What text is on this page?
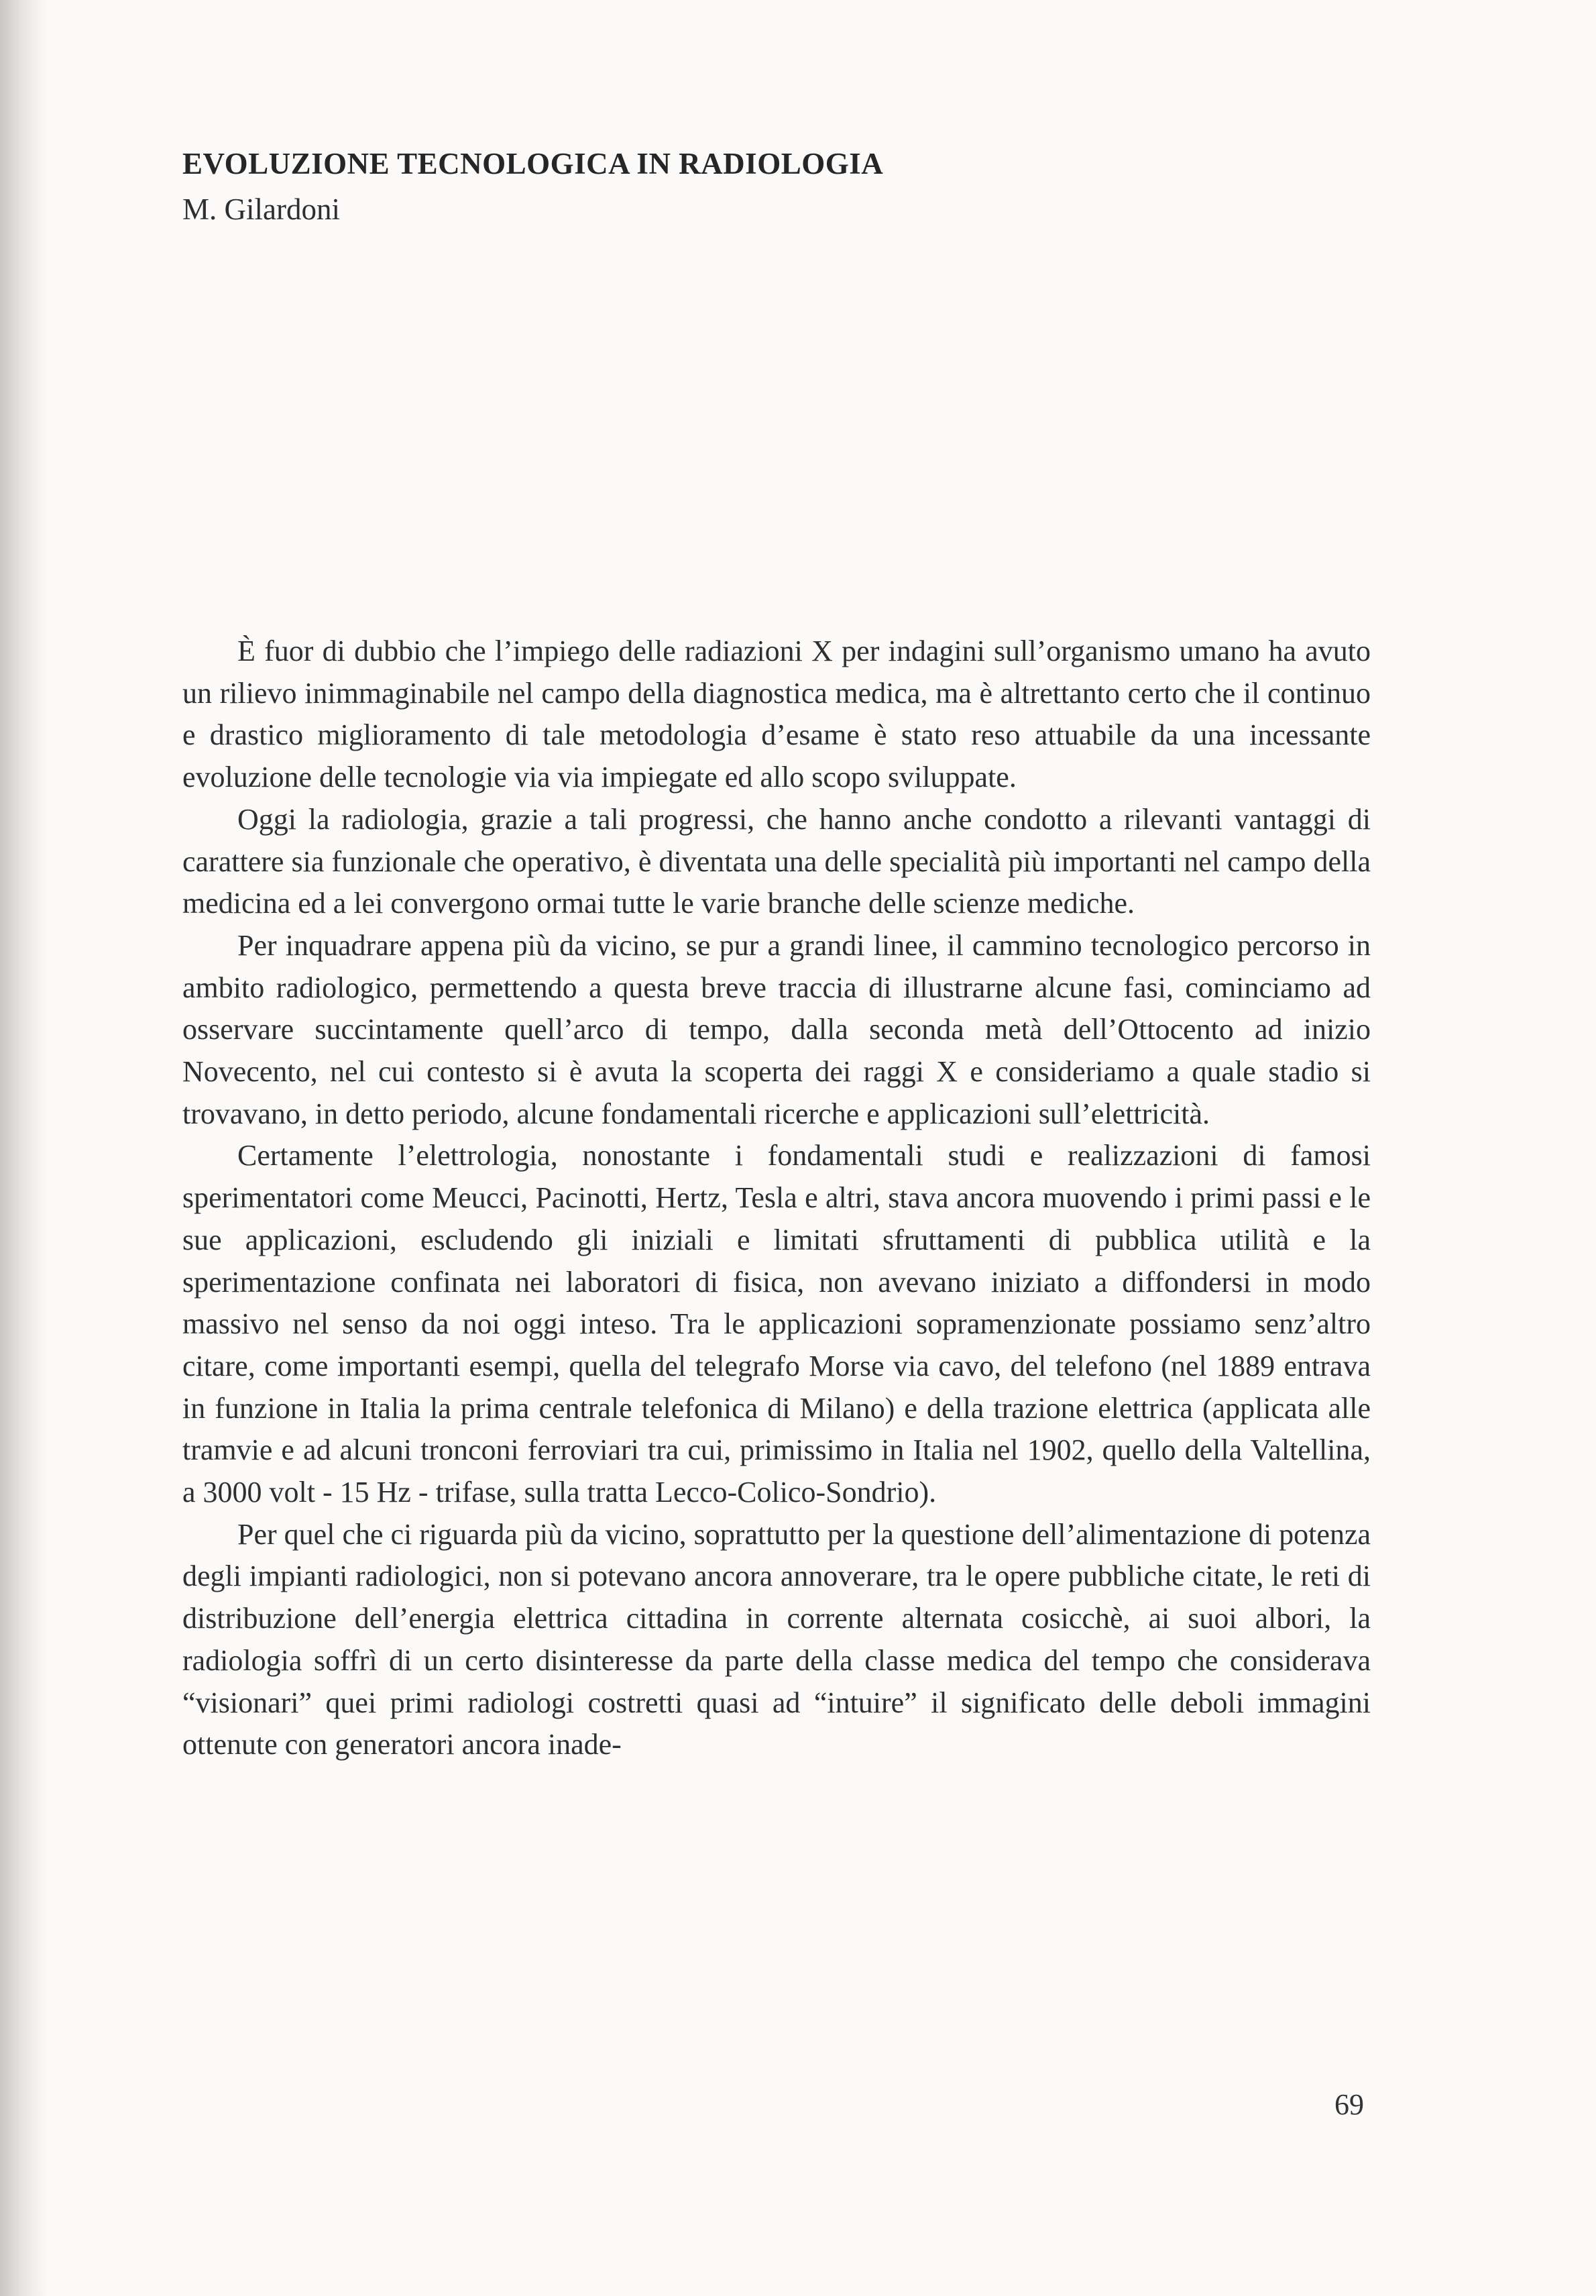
EVOLUZIONE TECNOLOGICA IN RADIOLOGIA
M. Gilardoni

È fuor di dubbio che l’impiego delle radiazioni X per indagini sull’organismo umano ha avuto un rilievo inimmaginabile nel campo della diagnostica medica, ma è altrettanto certo che il continuo e drastico miglioramento di tale metodologia d’esame è stato reso attuabile da una incessante evoluzione delle tecnologie via via impiegate ed allo scopo sviluppate.

Oggi la radiologia, grazie a tali progressi, che hanno anche condotto a rilevanti vantaggi di carattere sia funzionale che operativo, è diventata una delle specialità più importanti nel campo della medicina ed a lei convergono ormai tutte le varie branche delle scienze mediche.

Per inquadrare appena più da vicino, se pur a grandi linee, il cammino tecnologico percorso in ambito radiologico, permettendo a questa breve traccia di illustrarne alcune fasi, cominciamo ad osservare succintamente quell’arco di tempo, dalla seconda metà dell’Ottocento ad inizio Novecento, nel cui contesto si è avuta la scoperta dei raggi X e consideriamo a quale stadio si trovavano, in detto periodo, alcune fondamentali ricerche e applicazioni sull’elettricità.

Certamente l’elettrologia, nonostante i fondamentali studi e realizzazioni di famosi sperimentatori come Meucci, Pacinotti, Hertz, Tesla e altri, stava ancora muovendo i primi passi e le sue applicazioni, escludendo gli iniziali e limitati sfruttamenti di pubblica utilità e la sperimentazione confinata nei laboratori di fisica, non avevano iniziato a diffondersi in modo massivo nel senso da noi oggi inteso. Tra le applicazioni sopramenzionate possiamo senz’altro citare, come importanti esempi, quella del telegrafo Morse via cavo, del telefono (nel 1889 entrava in funzione in Italia la prima centrale telefonica di Milano) e della trazione elettrica (applicata alle tramvie e ad alcuni tronconi ferroviari tra cui, primissimo in Italia nel 1902, quello della Valtellina, a 3000 volt - 15 Hz - trifase, sulla tratta Lecco-Colico-Sondrio).

Per quel che ci riguarda più da vicino, soprattutto per la questione dell’alimentazione di potenza degli impianti radiologici, non si potevano ancora annoverare, tra le opere pubbliche citate, le reti di distribuzione dell’energia elettrica cittadina in corrente alternata cosicchè, ai suoi albori, la radiologia soffrì di un certo disinteresse da parte della classe medica del tempo che considerava “visionari” quei primi radiologi costretti quasi ad “intuire” il significato delle deboli immagini ottenute con generatori ancora inade-

69
